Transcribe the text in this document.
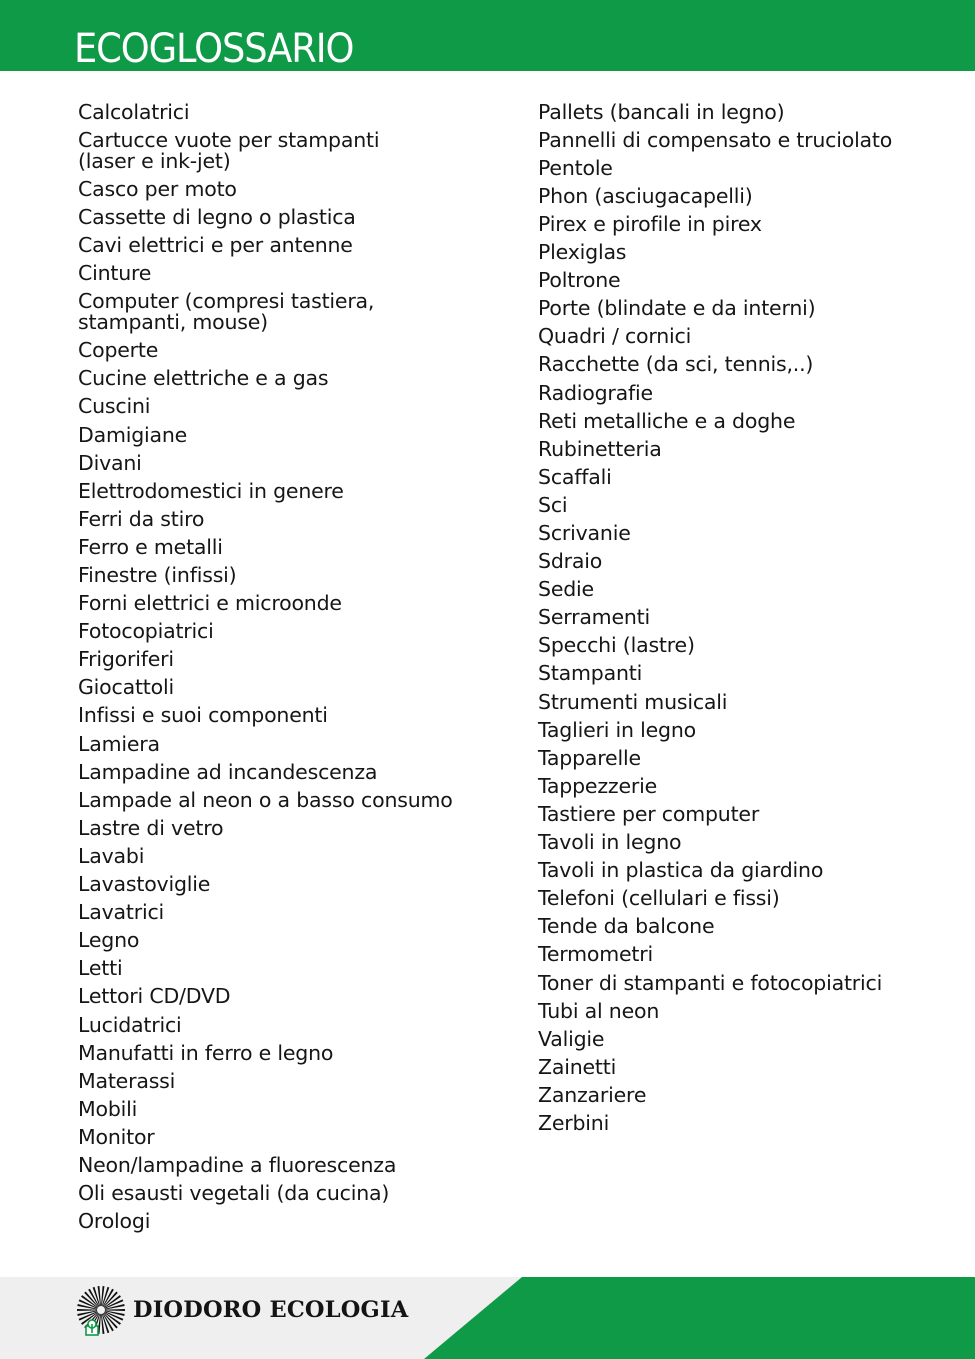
ECOGLOSSARIO
Calcolatrici
Cartucce vuote per stampanti
(laser e ink-jet)
Casco per moto
Cassette di legno o plastica
Cavi elettrici e per antenne
Cinture
Computer (compresi tastiera,
stampanti, mouse)
Coperte
Cucine elettriche e a gas
Cuscini
Damigiane
Divani
Elettrodomestici in genere
Ferri da stiro
Ferro e metalli
Finestre (infissi)
Forni elettrici e microonde
Fotocopiatrici
Frigoriferi
Giocattoli
Infissi e suoi componenti
Lamiera
Lampadine ad incandescenza
Lampade al neon o a basso consumo
Lastre di vetro
Lavabi
Lavastoviglie
Lavatrici
Legno
Letti
Lettori CD/DVD
Lucidatrici
Manufatti in ferro e legno
Materassi
Mobili
Monitor
Neon/lampadine a fluorescenza
Oli esausti vegetali (da cucina)
Orologi
Pallets (bancali in legno)
Pannelli di compensato e truciolato
Pentole
Phon (asciugacapelli)
Pirex e pirofile in pirex
Plexiglas
Poltrone
Porte (blindate e da interni)
Quadri / cornici
Racchette (da sci, tennis,..)
Radiografie
Reti metalliche e a doghe
Rubinetteria
Scaffali
Sci
Scrivanie
Sdraio
Sedie
Serramenti
Specchi (lastre)
Stampanti
Strumenti musicali
Taglieri in legno
Tapparelle
Tappezzerie
Tastiere per computer
Tavoli in legno
Tavoli in plastica da giardino
Telefoni (cellulari e fissi)
Tende da balcone
Termometri
Toner di stampanti e fotocopiatrici
Tubi al neon
Valigie
Zainetti
Zanzariere
Zerbini
DIODORO ECOLOGIA
